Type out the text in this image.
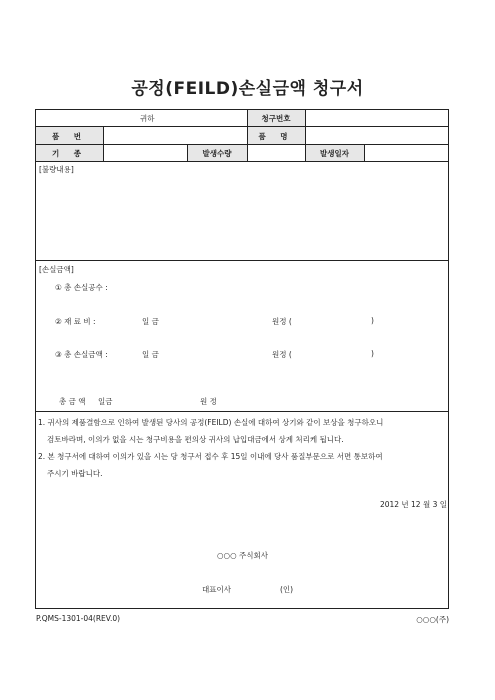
공정(FEILD)손실금액 청구서
귀하	청구번호
품 번	품 명
기 종	발생수량	발생일자
[불량내용]
[손실금액]
① 총 손실공수 :
② 재 료 비 :	일 금	원정 (	)
③ 총 손실금액 :	일 금	원정 (	)
총 금 액 일금	원 정
1. 귀사의 제품결함으로 인하여 발생된 당사의 공정(FEILD) 손실에 대하여 상기와 같이 보상을 청구하오니
검토바라며, 이의가 없을 시는 청구비용을 편의상 귀사의 납입대금에서 상계 처리케 됩니다.
2. 본 청구서에 대하여 이의가 있을 시는 당 청구서 접수 후 15일 이내에 당사 품질부문으로 서면 통보하여
주시기 바랍니다.
2012 년 12 월 3 일
○○○ 주식회사
대표이사	(인)
P.QMS-1301-04(REV.0)	○○○(주)
